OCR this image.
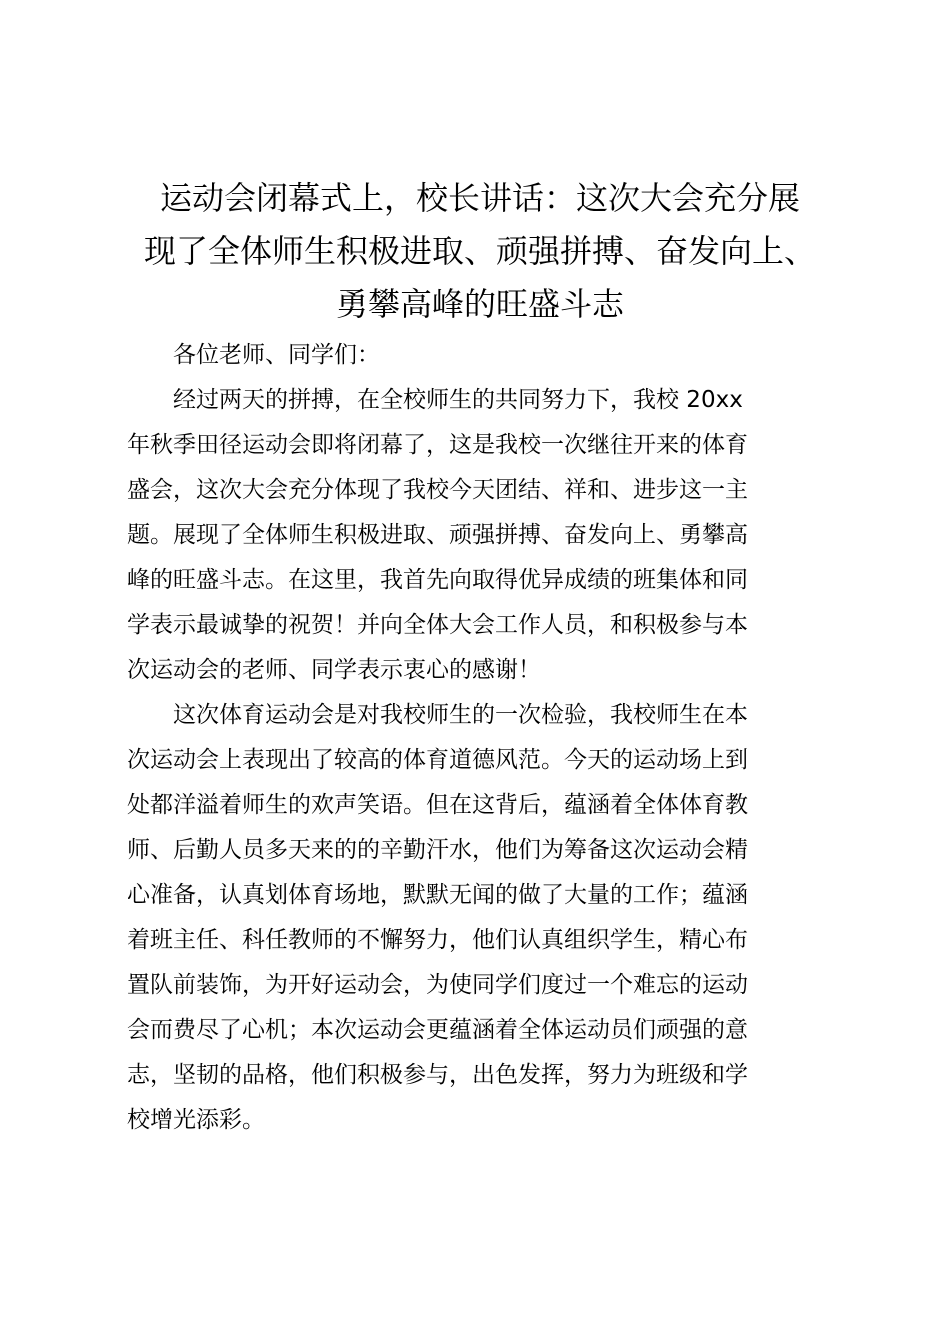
运动会闭幕式上，校长讲话：这次大会充分展
现了全体师生积极进取、顽强拼搏、奋发向上、
勇攀高峰的旺盛斗志

各位老师、同学们：

经过两天的拼搏，在全校师生的共同努力下，我校 20xx
年秋季田径运动会即将闭幕了，这是我校一次继往开来的体育
盛会，这次大会充分体现了我校今天团结、祥和、进步这一主
题。展现了全体师生积极进取、顽强拼搏、奋发向上、勇攀高
峰的旺盛斗志。在这里，我首先向取得优异成绩的班集体和同
学表示最诚挚的祝贺！并向全体大会工作人员，和积极参与本
次运动会的老师、同学表示衷心的感谢！

这次体育运动会是对我校师生的一次检验，我校师生在本
次运动会上表现出了较高的体育道德风范。今天的运动场上到
处都洋溢着师生的欢声笑语。但在这背后，蕴涵着全体体育教
师、后勤人员多天来的的辛勤汗水，他们为筹备这次运动会精
心准备，认真划体育场地，默默无闻的做了大量的工作；蕴涵
着班主任、科任教师的不懈努力，他们认真组织学生，精心布
置队前装饰，为开好运动会，为使同学们度过一个难忘的运动
会而费尽了心机；本次运动会更蕴涵着全体运动员们顽强的意
志，坚韧的品格，他们积极参与，出色发挥，努力为班级和学
校增光添彩。
